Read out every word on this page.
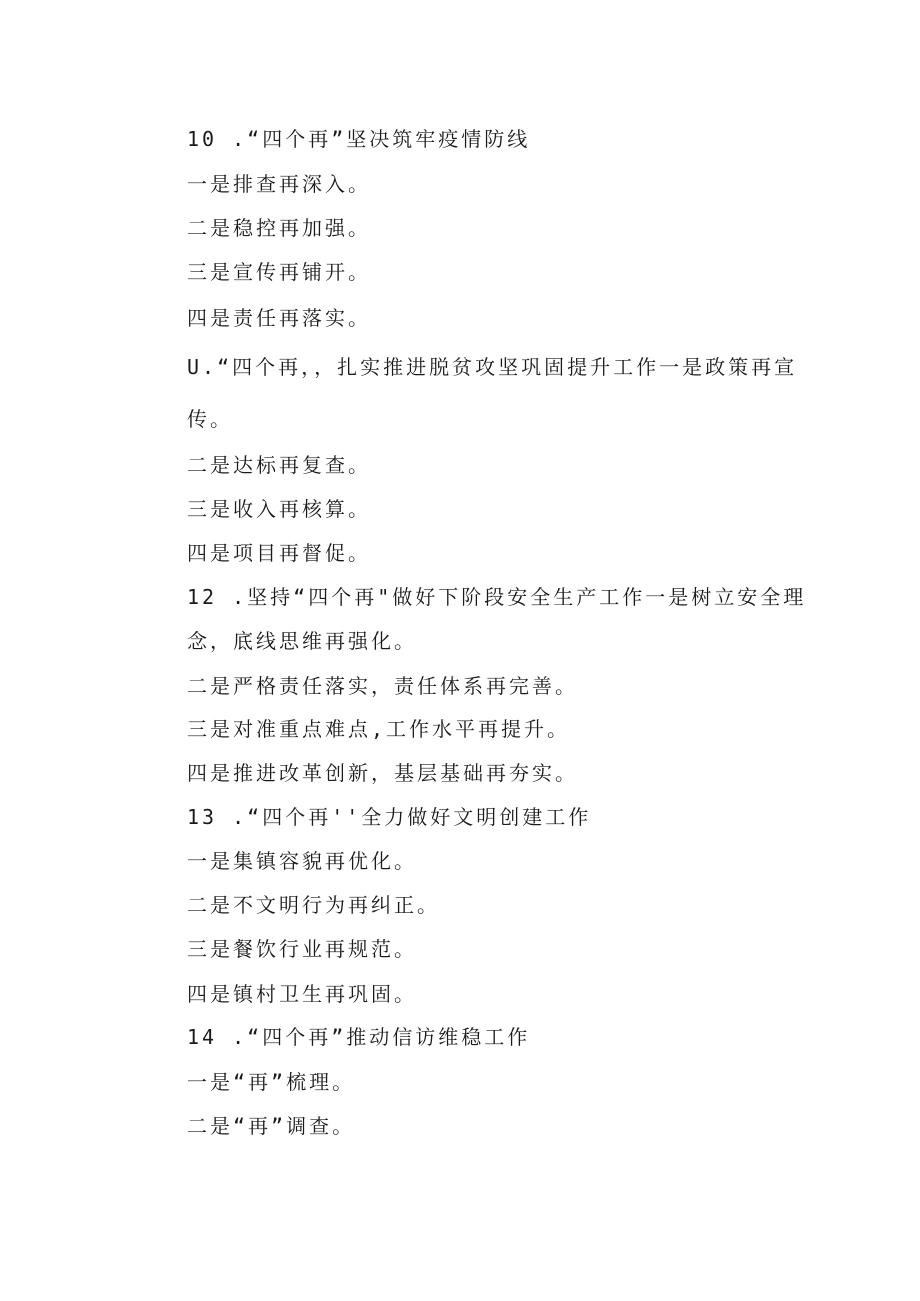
10 .“四个再”坚决筑牢疫情防线
一是排查再深入。
二是稳控再加强。
三是宣传再铺开。
四是责任再落实。
U.“四个再，，扎实推进脱贫攻坚巩固提升工作一是政策再宣
传。
二是达标再复查。
三是收入再核算。
四是项目再督促。
12 .坚持“四个再"做好下阶段安全生产工作一是树立安全理
念，底线思维再强化。
二是严格责任落实，责任体系再完善。
三是对准重点难点,工作水平再提升。
四是推进改革创新，基层基础再夯实。
13 .“四个再''全力做好文明创建工作
一是集镇容貌再优化。
二是不文明行为再纠正。
三是餐饮行业再规范。
四是镇村卫生再巩固。
14 .“四个再”推动信访维稳工作
一是“再”梳理。
二是“再”调查。
